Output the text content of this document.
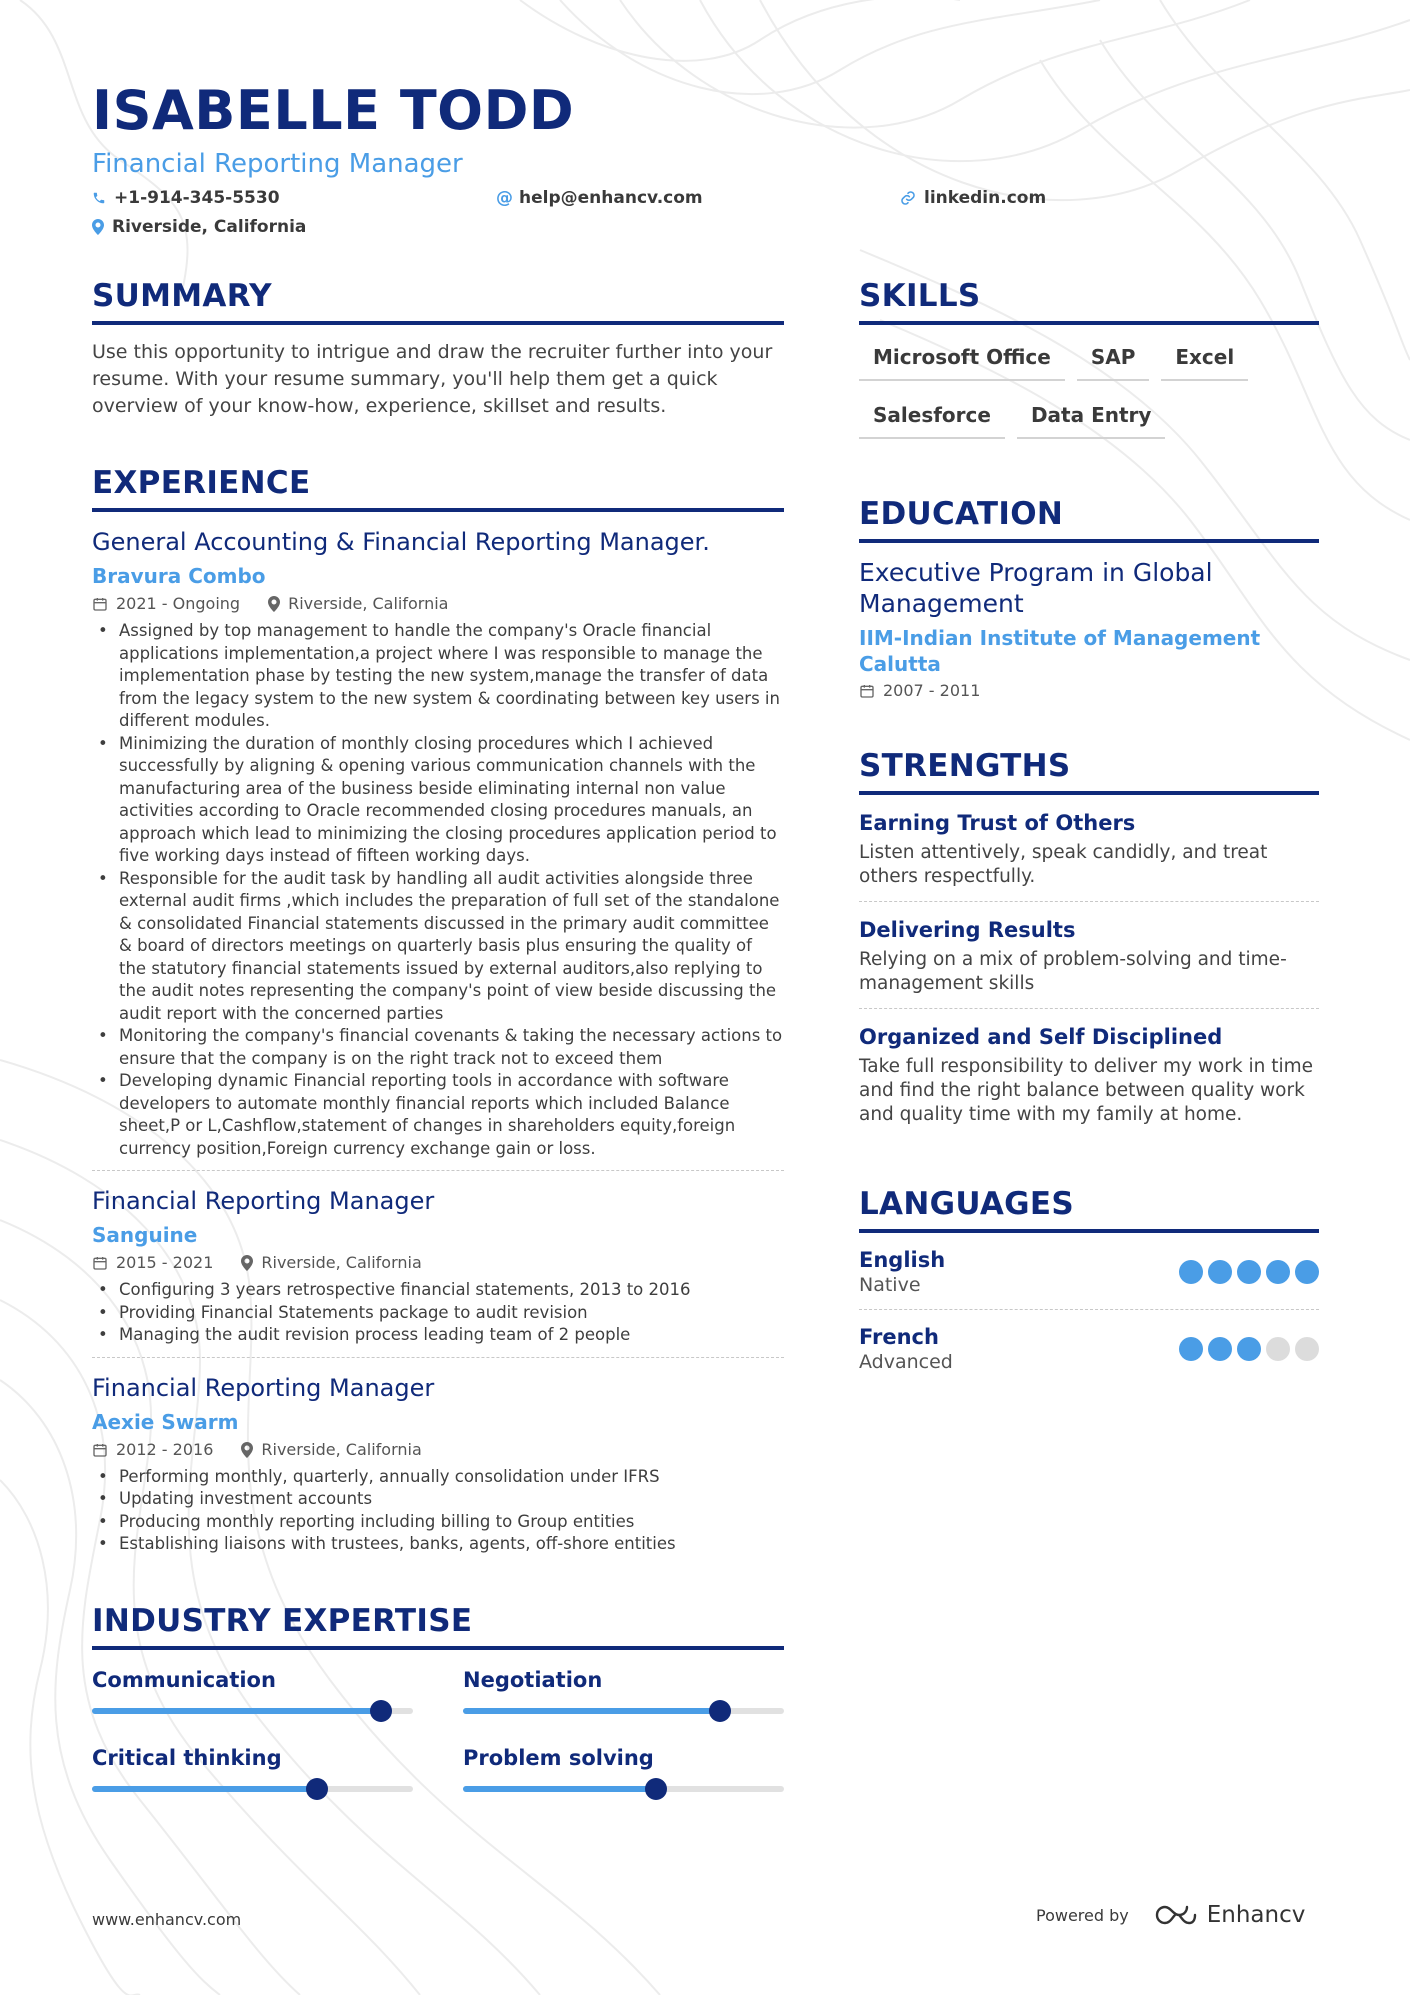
ISABELLE TODD
Financial Reporting Manager
+1-914-345-5530	@ help@enhancv.com	linkedin.com
Riverside, California
SUMMARY
Use this opportunity to intrigue and draw the recruiter further into your resume. With your resume summary, you'll help them get a quick overview of your know-how, experience, skillset and results.
EXPERIENCE
General Accounting & Financial Reporting Manager.
Bravura Combo
2021 - Ongoing	Riverside, California
• Assigned by top management to handle the company's Oracle financial applications implementation,a project where I was responsible to manage the implementation phase by testing the new system,manage the transfer of data from the legacy system to the new system & coordinating between key users in different modules.
• Minimizing the duration of monthly closing procedures which I achieved successfully by aligning & opening various communication channels with the manufacturing area of the business beside eliminating internal non value activities according to Oracle recommended closing procedures manuals, an approach which lead to minimizing the closing procedures application period to five working days instead of fifteen working days.
• Responsible for the audit task by handling all audit activities alongside three external audit firms ,which includes the preparation of full set of the standalone & consolidated Financial statements discussed in the primary audit committee & board of directors meetings on quarterly basis plus ensuring the quality of the statutory financial statements issued by external auditors,also replying to the audit notes representing the company's point of view beside discussing the audit report with the concerned parties
• Monitoring the company's financial covenants & taking the necessary actions to ensure that the company is on the right track not to exceed them
• Developing dynamic Financial reporting tools in accordance with software developers to automate monthly financial reports which included Balance sheet,P or L,Cashflow,statement of changes in shareholders equity,foreign currency position,Foreign currency exchange gain or loss.
Financial Reporting Manager
Sanguine
2015 - 2021	Riverside, California
• Configuring 3 years retrospective financial statements, 2013 to 2016
• Providing Financial Statements package to audit revision
• Managing the audit revision process leading team of 2 people
Financial Reporting Manager
Aexie Swarm
2012 - 2016	Riverside, California
• Performing monthly, quarterly, annually consolidation under IFRS
• Updating investment accounts
• Producing monthly reporting including billing to Group entities
• Establishing liaisons with trustees, banks, agents, off-shore entities
INDUSTRY EXPERTISE
Communication	Negotiation
Critical thinking	Problem solving
SKILLS
Microsoft Office	SAP	Excel
Salesforce	Data Entry
EDUCATION
Executive Program in Global Management
IIM-Indian Institute of Management Calutta
2007 - 2011
STRENGTHS
Earning Trust of Others
Listen attentively, speak candidly, and treat others respectfully.
Delivering Results
Relying on a mix of problem-solving and time-management skills
Organized and Self Disciplined
Take full responsibility to deliver my work in time and find the right balance between quality work and quality time with my family at home.
LANGUAGES
English
Native
French
Advanced
www.enhancv.com	Powered by	Enhancv
